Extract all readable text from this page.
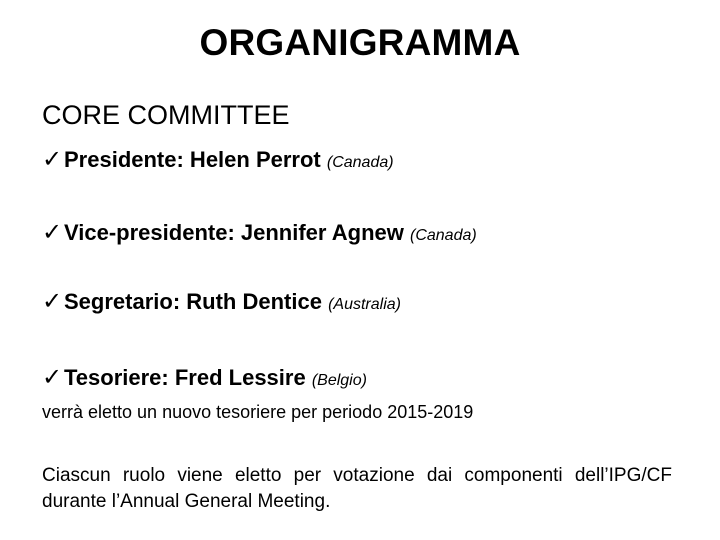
ORGANIGRAMMA
CORE COMMITTEE
✓Presidente: Helen Perrot (Canada)
✓Vice-presidente: Jennifer Agnew (Canada)
✓Segretario: Ruth Dentice (Australia)
✓Tesoriere: Fred Lessire (Belgio)
verrà eletto un nuovo tesoriere per periodo 2015-2019
Ciascun ruolo viene eletto per votazione dai componenti dell’IPG/CF durante l’Annual General Meeting.
